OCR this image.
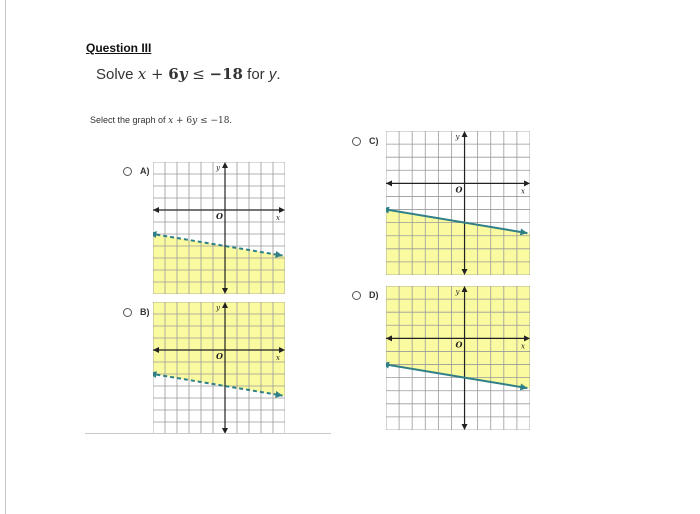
Question III
Solve x + 6y ≤ −18 for y.
Select the graph of x + 6y ≤ −18.
A)
x
y
O
B)
x
y
O
C)
x
y
O
D)
x
y
O
